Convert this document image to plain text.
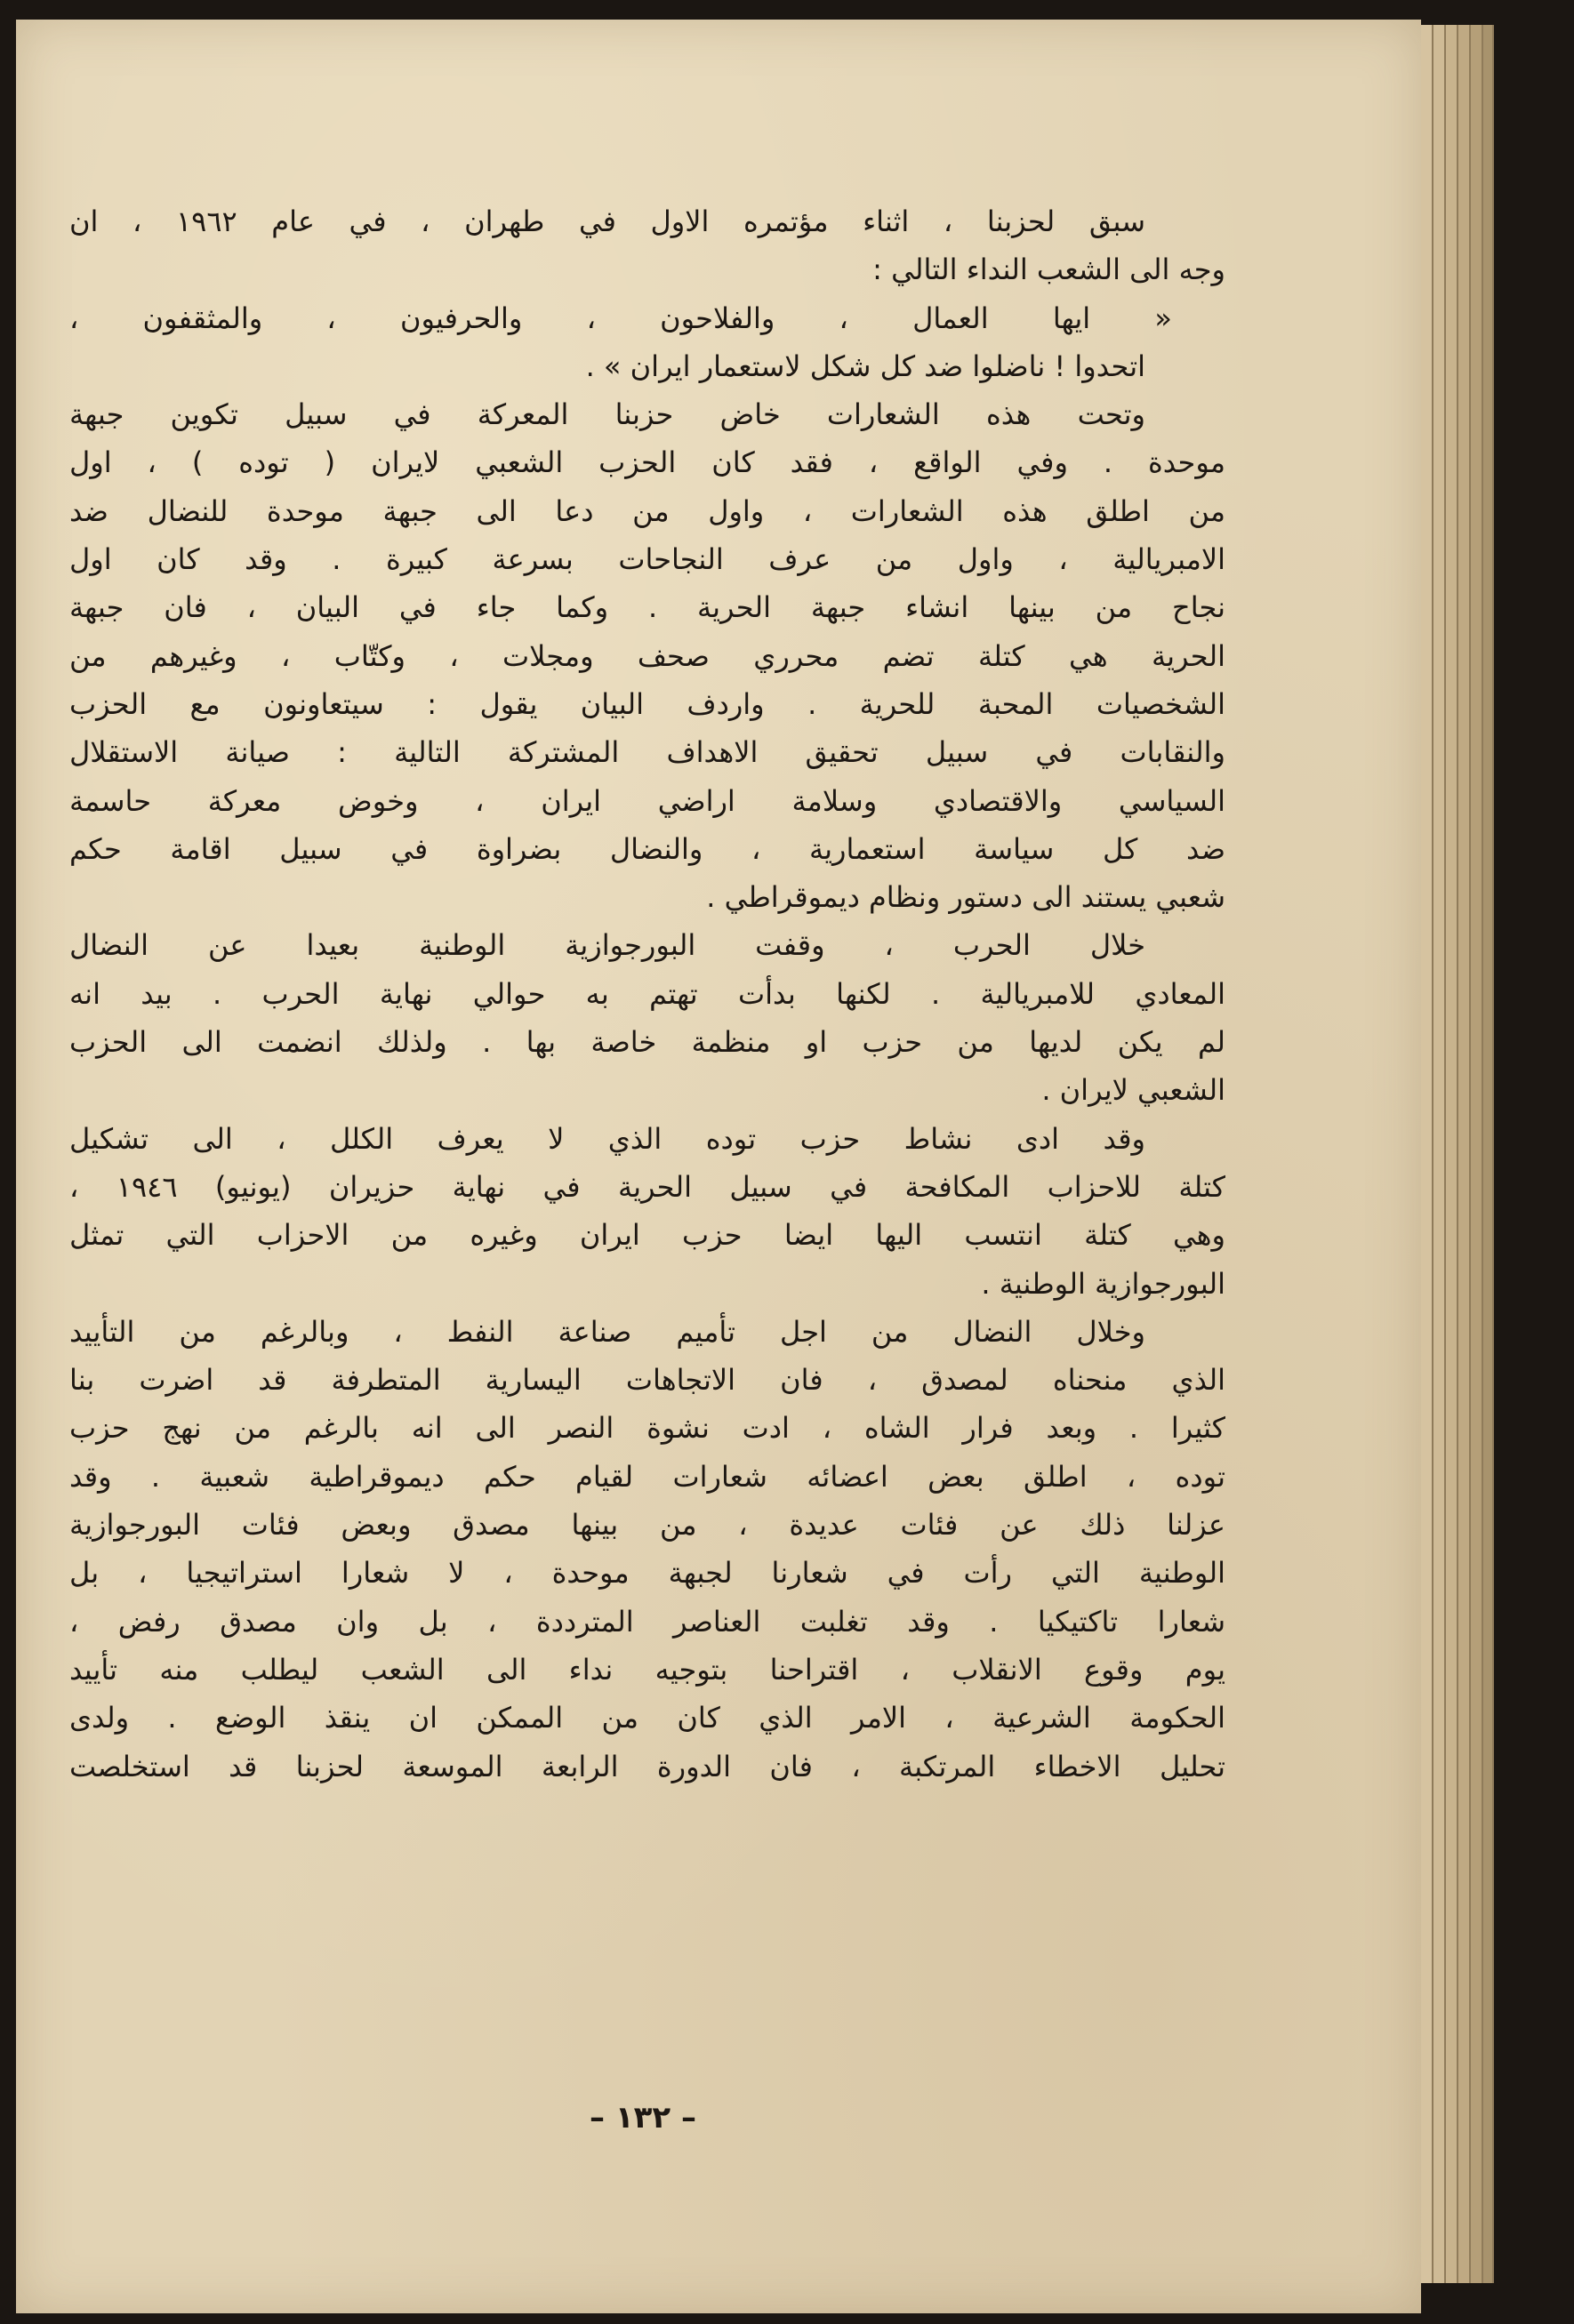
سبق لحزبنا ، اثناء مؤتمره الاول في طهران ، في عام ١٩٦٢ ، ان
وجه الى الشعب النداء التالي :
« ايها العمال ، والفلاحون ، والحرفيون ، والمثقفون ،
اتحدوا ! ناضلوا ضد كل شكل لاستعمار ايران » .
وتحت هذه الشعارات خاض حزبنا المعركة في سبيل تكوين جبهة
موحدة . وفي الواقع ، فقد كان الحزب الشعبي لايران ( توده ) ، اول
من اطلق هذه الشعارات ، واول من دعا الى جبهة موحدة للنضال ضد
الامبريالية ، واول من عرف النجاحات بسرعة كبيرة . وقد كان اول
نجاح من بينها انشاء جبهة الحرية . وكما جاء في البيان ، فان جبهة
الحرية هي كتلة تضم محرري صحف ومجلات ، وكتّاب ، وغيرهم من
الشخصيات المحبة للحرية . واردف البيان يقول : سيتعاونون مع الحزب
والنقابات في سبيل تحقيق الاهداف المشتركة التالية : صيانة الاستقلال
السياسي والاقتصادي وسلامة اراضي ايران ، وخوض معركة حاسمة
ضد كل سياسة استعمارية ، والنضال بضراوة في سبيل اقامة حكم
شعبي يستند الى دستور ونظام ديموقراطي .
خلال الحرب ، وقفت البورجوازية الوطنية بعيدا عن النضال
المعادي للامبريالية . لكنها بدأت تهتم به حوالي نهاية الحرب . بيد انه
لم يكن لديها من حزب او منظمة خاصة بها . ولذلك انضمت الى الحزب
الشعبي لايران .
وقد ادى نشاط حزب توده الذي لا يعرف الكلل ، الى تشكيل
كتلة للاحزاب المكافحة في سبيل الحرية في نهاية حزيران (يونيو) ١٩٤٦ ،
وهي كتلة انتسب اليها ايضا حزب ايران وغيره من الاحزاب التي تمثل
البورجوازية الوطنية .
وخلال النضال من اجل تأميم صناعة النفط ، وبالرغم من التأييد
الذي منحناه لمصدق ، فان الاتجاهات اليسارية المتطرفة قد اضرت بنا
كثيرا . وبعد فرار الشاه ، ادت نشوة النصر الى انه بالرغم من نهج حزب
توده ، اطلق بعض اعضائه شعارات لقيام حكم ديموقراطية شعبية . وقد
عزلنا ذلك عن فئات عديدة ، من بينها مصدق وبعض فئات البورجوازية
الوطنية التي رأت في شعارنا لجبهة موحدة ، لا شعارا استراتيجيا ، بل
شعارا تاكتيكيا . وقد تغلبت العناصر المترددة ، بل وان مصدق رفض ،
يوم وقوع الانقلاب ، اقتراحنا بتوجيه نداء الى الشعب ليطلب منه تأييد
الحكومة الشرعية ، الامر الذي كان من الممكن ان ينقذ الوضع . ولدى
تحليل الاخطاء المرتكبة ، فان الدورة الرابعة الموسعة لحزبنا قد استخلصت
– ١٣٢ –
